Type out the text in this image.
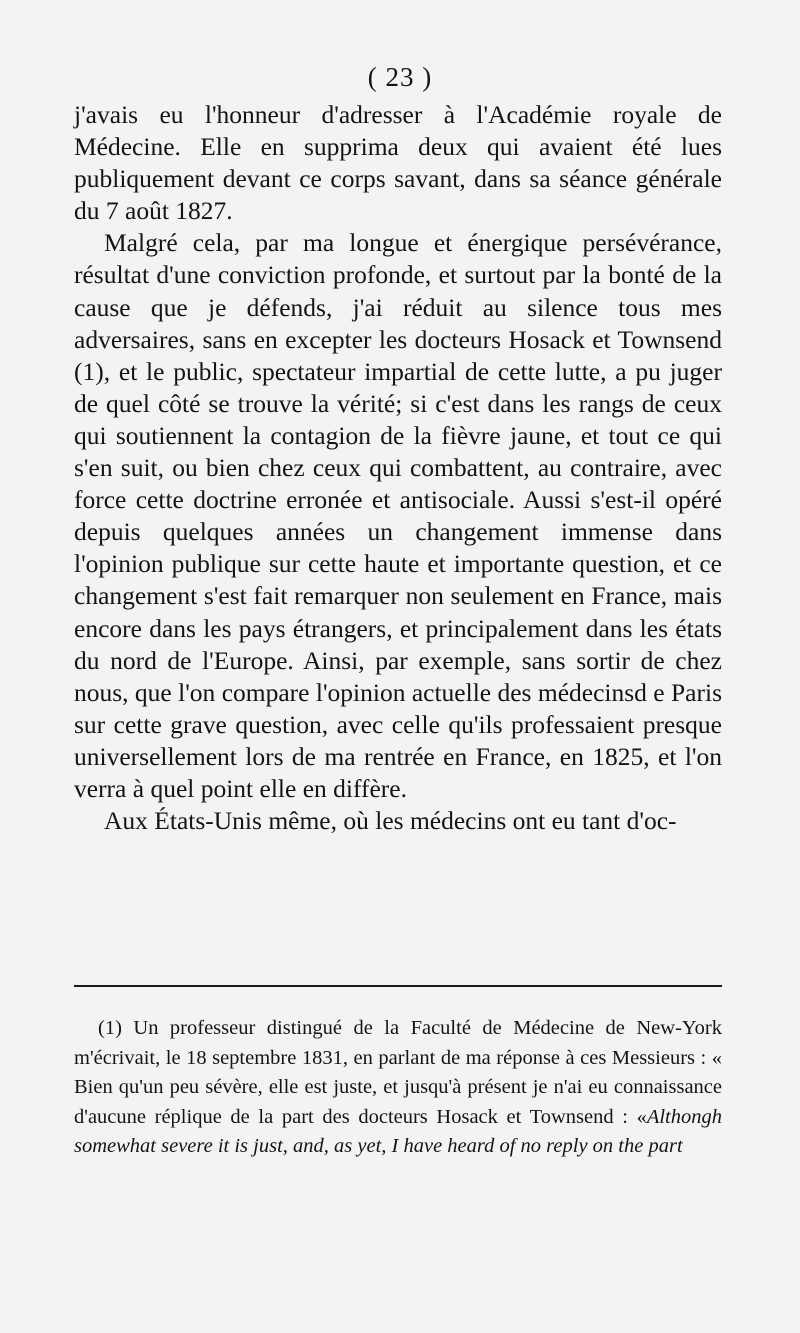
( 23 )

j'avais eu l'honneur d'adresser à l'Académie royale de Médecine. Elle en supprima deux qui avaient été lues publiquement devant ce corps savant, dans sa séance générale du 7 août 1827.

Malgré cela, par ma longue et énergique persévérance, résultat d'une conviction profonde, et surtout par la bonté de la cause que je défends, j'ai réduit au silence tous mes adversaires, sans en excepter les docteurs Hosack et Townsend (1), et le public, spectateur impartial de cette lutte, a pu juger de quel côté se trouve la vérité; si c'est dans les rangs de ceux qui soutiennent la contagion de la fièvre jaune, et tout ce qui s'en suit, ou bien chez ceux qui combattent, au contraire, avec force cette doctrine erronée et antisociale. Aussi s'est-il opéré depuis quelques années un changement immense dans l'opinion publique sur cette haute et importante question, et ce changement s'est fait remarquer non seulement en France, mais encore dans les pays étrangers, et principalement dans les états du nord de l'Europe. Ainsi, par exemple, sans sortir de chez nous, que l'on compare l'opinion actuelle des médecinsd e Paris sur cette grave question, avec celle qu'ils professaient presque universellement lors de ma rentrée en France, en 1825, et l'on verra à quel point elle en diffère.

Aux États-Unis même, où les médecins ont eu tant d'oc-

(1) Un professeur distingué de la Faculté de Médecine de New-York m'écrivait, le 18 septembre 1831, en parlant de ma réponse à ces Messieurs : « Bien qu'un peu sévère, elle est juste, et jusqu'à présent je n'ai eu connaissance d'aucune réplique de la part des docteurs Hosack et Townsend : «Althongh somewhat severe it is just, and, as yet, I have heard of no reply on the part
